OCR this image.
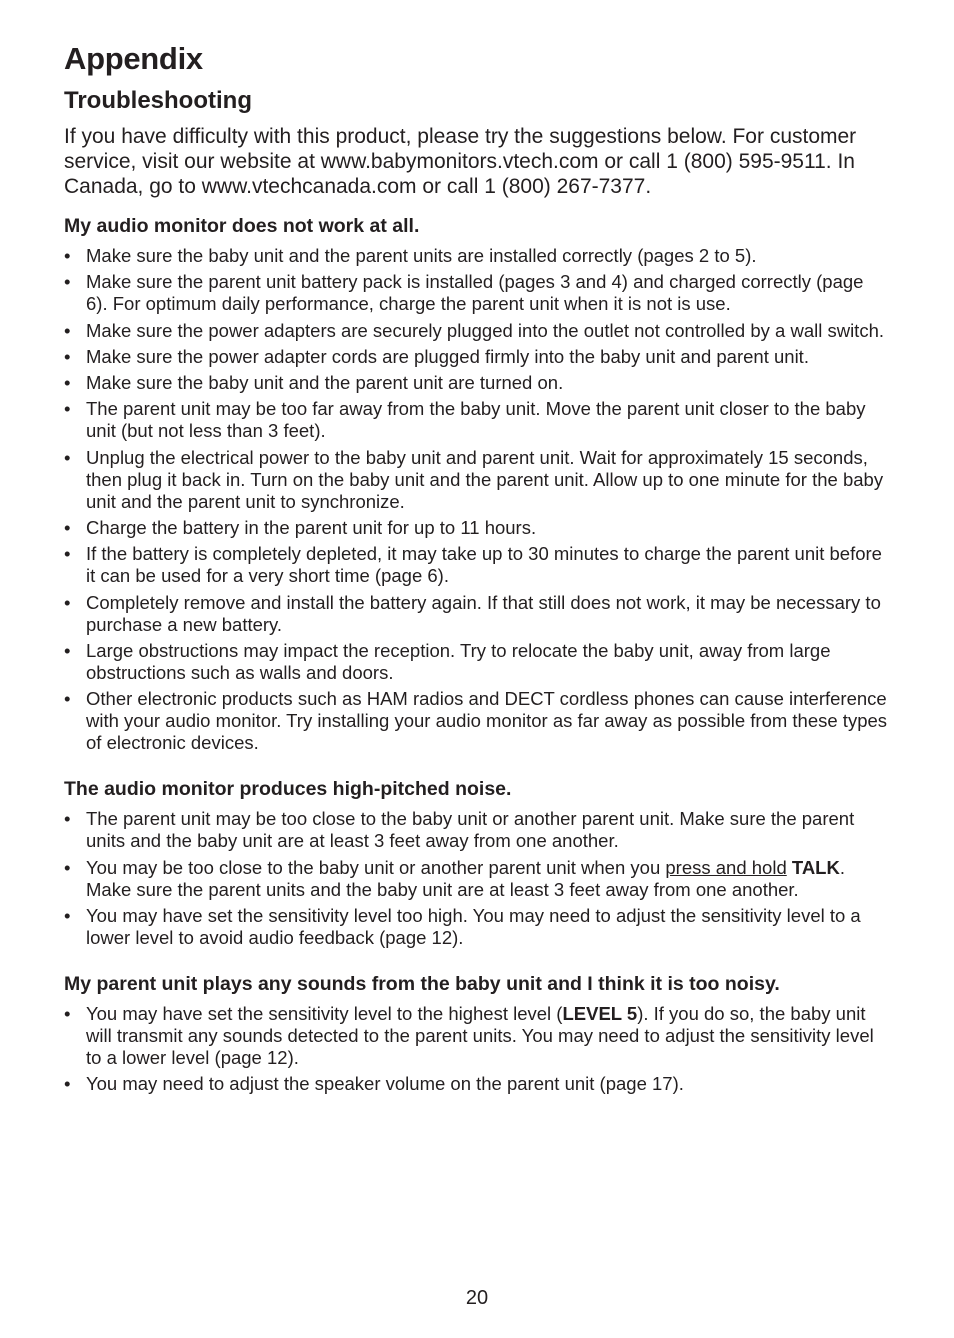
Appendix
Troubleshooting

If you have difficulty with this product, please try the suggestions below. For customer service, visit our website at www.babymonitors.vtech.com or call 1 (800) 595-9511. In Canada, go to www.vtechcanada.com or call 1 (800) 267-7377.

My audio monitor does not work at all.
• Make sure the baby unit and the parent units are installed correctly (pages 2 to 5).
• Make sure the parent unit battery pack is installed (pages 3 and 4) and charged correctly (page 6). For optimum daily performance, charge the parent unit when it is not is use.
• Make sure the power adapters are securely plugged into the outlet not controlled by a wall switch.
• Make sure the power adapter cords are plugged firmly into the baby unit and parent unit.
• Make sure the baby unit and the parent unit are turned on.
• The parent unit may be too far away from the baby unit. Move the parent unit closer to the baby unit (but not less than 3 feet).
• Unplug the electrical power to the baby unit and parent unit. Wait for approximately 15 seconds, then plug it back in. Turn on the baby unit and the parent unit. Allow up to one minute for the baby unit and the parent unit to synchronize.
• Charge the battery in the parent unit for up to 11 hours.
• If the battery is completely depleted, it may take up to 30 minutes to charge the parent unit before it can be used for a very short time (page 6).
• Completely remove and install the battery again. If that still does not work, it may be necessary to purchase a new battery.
• Large obstructions may impact the reception. Try to relocate the baby unit, away from large obstructions such as walls and doors.
• Other electronic products such as HAM radios and DECT cordless phones can cause interference with your audio monitor. Try installing your audio monitor as far away as possible from these types of electronic devices.
The audio monitor produces high-pitched noise.
• The parent unit may be too close to the baby unit or another parent unit. Make sure the parent units and the baby unit are at least 3 feet away from one another.
• You may be too close to the baby unit or another parent unit when you press and hold TALK. Make sure the parent units and the baby unit are at least 3 feet away from one another.
• You may have set the sensitivity level too high. You may need to adjust the sensitivity level to a lower level to avoid audio feedback (page 12).
My parent unit plays any sounds from the baby unit and I think it is too noisy.
• You may have set the sensitivity level to the highest level (LEVEL 5). If you do so, the baby unit will transmit any sounds detected to the parent units. You may need to adjust the sensitivity level to a lower level (page 12).
• You may need to adjust the speaker volume on the parent unit (page 17).
20
